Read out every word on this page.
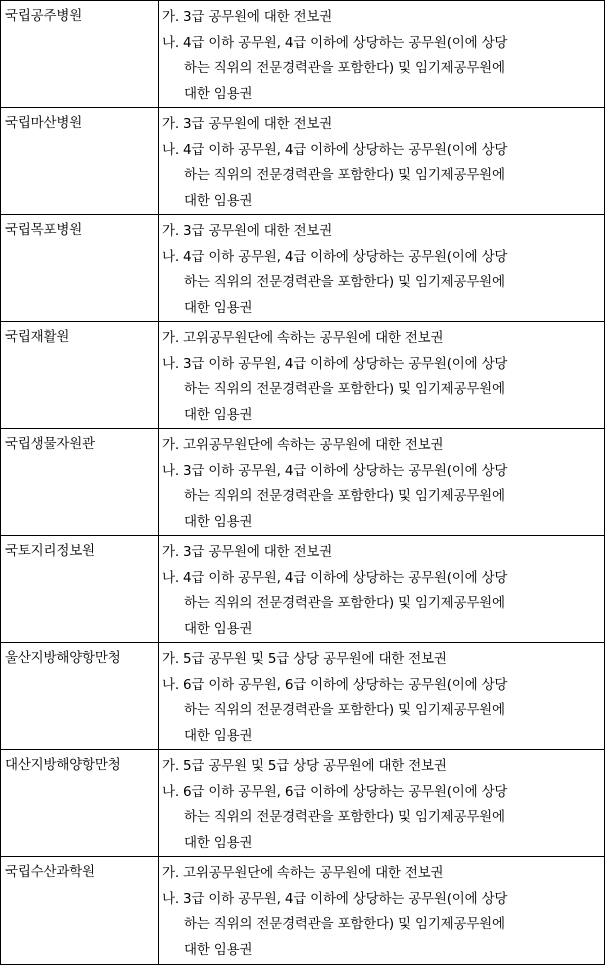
국립공주병원	가. 3급 공무원에 대한 전보권
나. 4급 이하 공무원, 4급 이하에 상당하는 공무원(이에 상당
하는 직위의 전문경력관을 포함한다) 및 임기제공무원에
대한 임용권

국립마산병원	가. 3급 공무원에 대한 전보권
나. 4급 이하 공무원, 4급 이하에 상당하는 공무원(이에 상당
하는 직위의 전문경력관을 포함한다) 및 임기제공무원에
대한 임용권

국립목포병원	가. 3급 공무원에 대한 전보권
나. 4급 이하 공무원, 4급 이하에 상당하는 공무원(이에 상당
하는 직위의 전문경력관을 포함한다) 및 임기제공무원에
대한 임용권

국립재활원	가. 고위공무원단에 속하는 공무원에 대한 전보권
나. 3급 이하 공무원, 4급 이하에 상당하는 공무원(이에 상당
하는 직위의 전문경력관을 포함한다) 및 임기제공무원에
대한 임용권

국립생물자원관	가. 고위공무원단에 속하는 공무원에 대한 전보권
나. 3급 이하 공무원, 4급 이하에 상당하는 공무원(이에 상당
하는 직위의 전문경력관을 포함한다) 및 임기제공무원에
대한 임용권

국토지리정보원	가. 3급 공무원에 대한 전보권
나. 4급 이하 공무원, 4급 이하에 상당하는 공무원(이에 상당
하는 직위의 전문경력관을 포함한다) 및 임기제공무원에
대한 임용권

울산지방해양항만청	가. 5급 공무원 및 5급 상당 공무원에 대한 전보권
나. 6급 이하 공무원, 6급 이하에 상당하는 공무원(이에 상당
하는 직위의 전문경력관을 포함한다) 및 임기제공무원에
대한 임용권

대산지방해양항만청	가. 5급 공무원 및 5급 상당 공무원에 대한 전보권
나. 6급 이하 공무원, 6급 이하에 상당하는 공무원(이에 상당
하는 직위의 전문경력관을 포함한다) 및 임기제공무원에
대한 임용권

국립수산과학원	가. 고위공무원단에 속하는 공무원에 대한 전보권
나. 3급 이하 공무원, 4급 이하에 상당하는 공무원(이에 상당
하는 직위의 전문경력관을 포함한다) 및 임기제공무원에
대한 임용권
